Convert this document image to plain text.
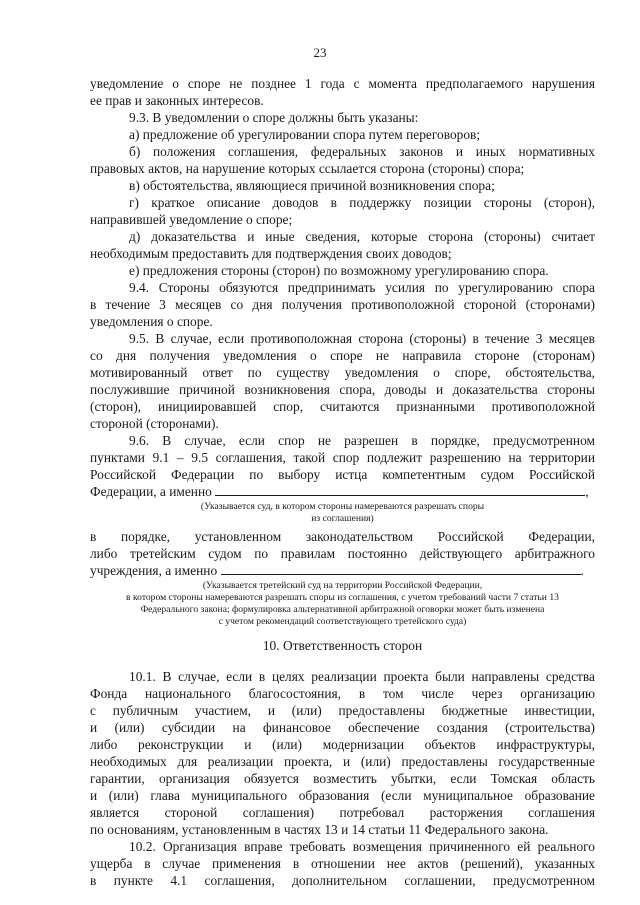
23
уведомление о споре не позднее 1 года с момента предполагаемого нарушения
ее прав и законных интересов.
9.3. В уведомлении о споре должны быть указаны:
а) предложение об урегулировании спора путем переговоров;
б) положения соглашения, федеральных законов и иных нормативных
правовых актов, на нарушение которых ссылается сторона (стороны) спора;
в) обстоятельства, являющиеся причиной возникновения спора;
г) краткое описание доводов в поддержку позиции стороны (сторон),
направившей уведомление о споре;
д) доказательства и иные сведения, которые сторона (стороны) считает
необходимым предоставить для подтверждения своих доводов;
е) предложения стороны (сторон) по возможному урегулированию спора.
9.4. Стороны обязуются предпринимать усилия по урегулированию спора
в течение 3 месяцев со дня получения противоположной стороной (сторонами)
уведомления о споре.
9.5. В случае, если противоположная сторона (стороны) в течение 3 месяцев
со дня получения уведомления о споре не направила стороне (сторонам)
мотивированный ответ по существу уведомления о споре, обстоятельства,
послужившие причиной возникновения спора, доводы и доказательства стороны
(сторон), инициировавшей спор, считаются признанными противоположной
стороной (сторонами).
9.6. В случае, если спор не разрешен в порядке, предусмотренном
пунктами 9.1 – 9.5 соглашения, такой спор подлежит разрешению на территории
Российской Федерации по выбору истца компетентным судом Российской
Федерации, а именно	,
(Указывается суд, в котором стороны намереваются разрешать споры
из соглашения)
в порядке, установленном законодательством Российской Федерации,
либо третейским судом по правилам постоянно действующего арбитражного
учреждения, а именно	.
(Указывается третейский суд на территории Российской Федерации,
в котором стороны намереваются разрешать споры из соглашения, с учетом требований части 7 статьи 13
Федерального закона; формулировка альтернативной арбитражной оговорки может быть изменена
с учетом рекомендаций соответствующего третейского суда)
10. Ответственность сторон
10.1. В случае, если в целях реализации проекта были направлены средства
Фонда национального благосостояния, в том числе через организацию
с публичным участием, и (или) предоставлены бюджетные инвестиции,
и (или) субсидии на финансовое обеспечение создания (строительства)
либо реконструкции и (или) модернизации объектов инфраструктуры,
необходимых для реализации проекта, и (или) предоставлены государственные
гарантии, организация обязуется возместить убытки, если Томская область
и (или) глава муниципального образования (если муниципальное образование
является стороной соглашения) потребовал расторжения соглашения
по основаниям, установленным в частях 13 и 14 статьи 11 Федерального закона.
10.2. Организация вправе требовать возмещения причиненного ей реального
ущерба в случае применения в отношении нее актов (решений), указанных
в пункте 4.1 соглашения, дополнительном соглашении, предусмотренном
